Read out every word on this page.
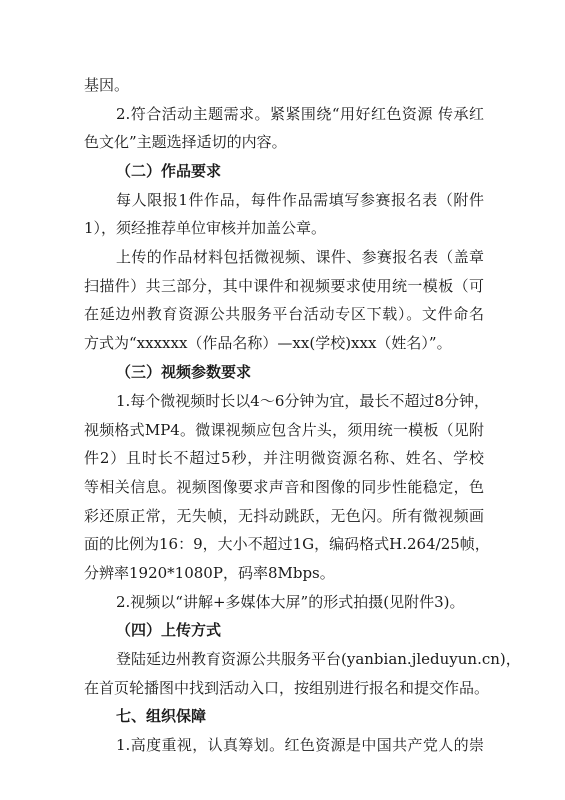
基因。
2.符合活动主题需求。紧紧围绕“用好红色资源 传承红
色文化”主题选择适切的内容。
（二）作品要求
每人限报1件作品，每件作品需填写参赛报名表（附件
1），须经推荐单位审核并加盖公章。
上传的作品材料包括微视频、课件、参赛报名表（盖章
扫描件）共三部分，其中课件和视频要求使用统一模板（可
在延边州教育资源公共服务平台活动专区下载）。文件命名
方式为“xxxxxx（作品名称）—xx(学校)xxx（姓名）”。
（三）视频参数要求
1.每个微视频时长以4～6分钟为宜，最长不超过8分钟，
视频格式MP4。微课视频应包含片头，须用统一模板（见附
件2）且时长不超过5秒，并注明微资源名称、姓名、学校
等相关信息。视频图像要求声音和图像的同步性能稳定，色
彩还原正常，无失帧，无抖动跳跃，无色闪。所有微视频画
面的比例为16：9，大小不超过1G，编码格式H.264/25帧，
分辨率1920*1080P，码率8Mbps。
2.视频以“讲解+多媒体大屏”的形式拍摄(见附件3)。
（四）上传方式
登陆延边州教育资源公共服务平台(yanbian.jleduyun.cn)，
在首页轮播图中找到活动入口，按组别进行报名和提交作品。
七、组织保障
1.高度重视，认真筹划。红色资源是中国共产党人的崇
